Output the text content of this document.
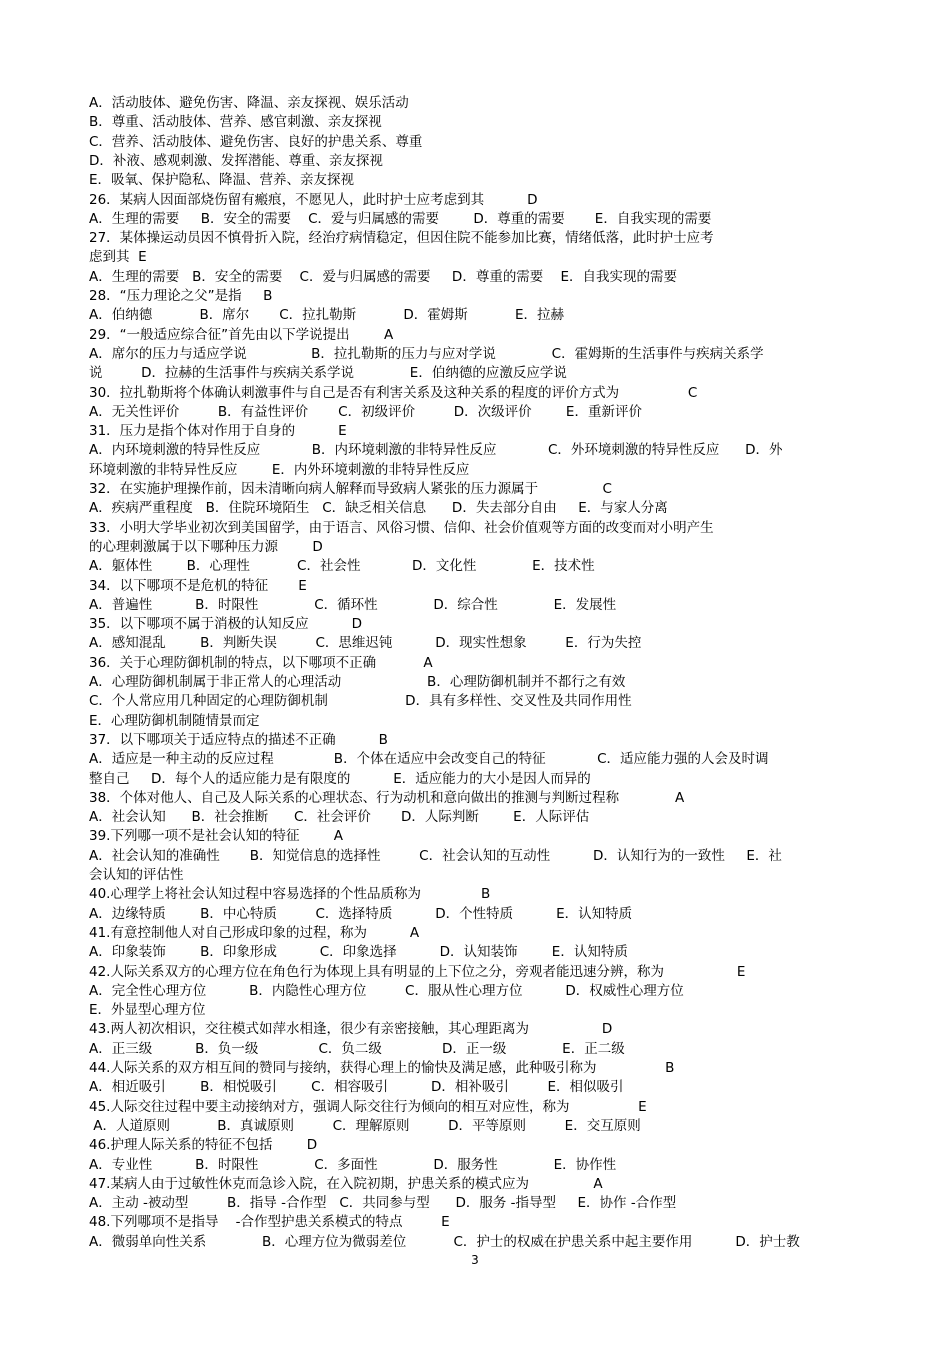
A．活动肢体、避免伤害、降温、亲友探视、娱乐活动
B．尊重、活动肢体、营养、感官刺激、亲友探视
C．营养、活动肢体、避免伤害、良好的护患关系、尊重
D．补液、感观刺激、发挥潜能、尊重、亲友探视
E．吸氧、保护隐私、降温、营养、亲友探视
26．某病人因面部烧伤留有瘢痕，不愿见人，此时护士应考虑到其          D
A．生理的需要     B．安全的需要    C．爱与归属感的需要        D．尊重的需要       E．自我实现的需要
27．某体操运动员因不慎骨折入院，经治疗病情稳定，但因住院不能参加比赛，情绪低落，此时护士应考
虑到其  E
A．生理的需要   B．安全的需要    C．爱与归属感的需要     D．尊重的需要    E．自我实现的需要
28．“压力理论之父”是指     B
A．伯纳德           B．席尔       C．拉扎勒斯           D．霍姆斯           E．拉赫
29．“一般适应综合征”首先由以下学说提出        A
A．席尔的压力与适应学说               B．拉扎勒斯的压力与应对学说             C．霍姆斯的生活事件与疾病关系学
说         D．拉赫的生活事件与疾病关系学说             E．伯纳德的应激反应学说
30．拉扎勒斯将个体确认刺激事件与自己是否有利害关系及这种关系的程度的评价方式为                C
A．无关性评价         B．有益性评价       C．初级评价         D．次级评价        E．重新评价
31．压力是指个体对作用于自身的          E
A．内环境刺激的特异性反应            B．内环境刺激的非特异性反应            C．外环境刺激的特异性反应      D．外
环境刺激的非特异性反应        E．内外环境刺激的非特异性反应
32．在实施护理操作前，因未清晰向病人解释而导致病人紧张的压力源属于               C
A．疾病严重程度   B．住院环境陌生   C．缺乏相关信息      D．失去部分自由     E．与家人分离
33．小明大学毕业初次到美国留学，由于语言、风俗习惯、信仰、社会价值观等方面的改变而对小明产生
的心理刺激属于以下哪种压力源        D
A．躯体性        B．心理性           C．社会性            D．文化性             E．技术性
34．以下哪项不是危机的特征       E
A．普遍性          B．时限性             C．循环性             D．综合性             E．发展性
35．以下哪项不属于消极的认知反应          D
A．感知混乱        B．判断失误         C．思维迟钝          D．现实性想象         E．行为失控
36．关于心理防御机制的特点，以下哪项不正确           A
A．心理防御机制属于非正常人的心理活动                    B．心理防御机制并不都行之有效
C．个人常应用几种固定的心理防御机制                  D．具有多样性、交叉性及共同作用性
E．心理防御机制随情景而定
37．以下哪项关于适应特点的描述不正确          B
A．适应是一种主动的反应过程              B．个体在适应中会改变自己的特征            C．适应能力强的人会及时调
整自己     D．每个人的适应能力是有限度的          E．适应能力的大小是因人而异的
38．个体对他人、自己及人际关系的心理状态、行为动机和意向做出的推测与判断过程称             A
A．社会认知      B．社会推断      C．社会评价       D．人际判断        E．人际评估
39.下列哪一项不是社会认知的特征        A
A．社会认知的准确性       B．知觉信息的选择性         C．社会认知的互动性          D．认知行为的一致性     E．社
会认知的评估性
40.心理学上将社会认知过程中容易选择的个性品质称为              B
A．边缘特质        B．中心特质         C．选择特质          D．个性特质          E．认知特质
41.有意控制他人对自己形成印象的过程，称为          A
A．印象装饰        B．印象形成          C．印象选择          D．认知装饰        E．认知特质
42.人际关系双方的心理方位在角色行为体现上具有明显的上下位之分，旁观者能迅速分辨，称为                 E
A．完全性心理方位          B．内隐性心理方位         C．服从性心理方位          D．权威性心理方位
E．外显型心理方位
43.两人初次相识，交往模式如萍水相逢，很少有亲密接触，其心理距离为                 D
A．正三级          B．负一级              C．负二级              D．正一级             E．正二级
44.人际关系的双方相互间的赞同与接纳，获得心理上的愉快及满足感，此种吸引称为                B
A．相近吸引        B．相悦吸引        C．相容吸引          D．相补吸引         E．相似吸引
45.人际交往过程中要主动接纳对方，强调人际交往行为倾向的相互对应性，称为                E
A．人道原则           B．真诚原则         C．理解原则         D．平等原则         E．交互原则
46.护理人际关系的特征不包括        D
A．专业性          B．时限性             C．多面性             D．服务性             E．协作性
47.某病人由于过敏性休克而急诊入院，在入院初期，护患关系的模式应为               A
A．主动 -被动型         B．指导 -合作型   C．共同参与型      D．服务 -指导型     E．协作 -合作型
48.下列哪项不是指导    -合作型护患关系模式的特点         E
A．微弱单向性关系             B．心理方位为微弱差位           C．护士的权威在护患关系中起主要作用          D．护士教
3
